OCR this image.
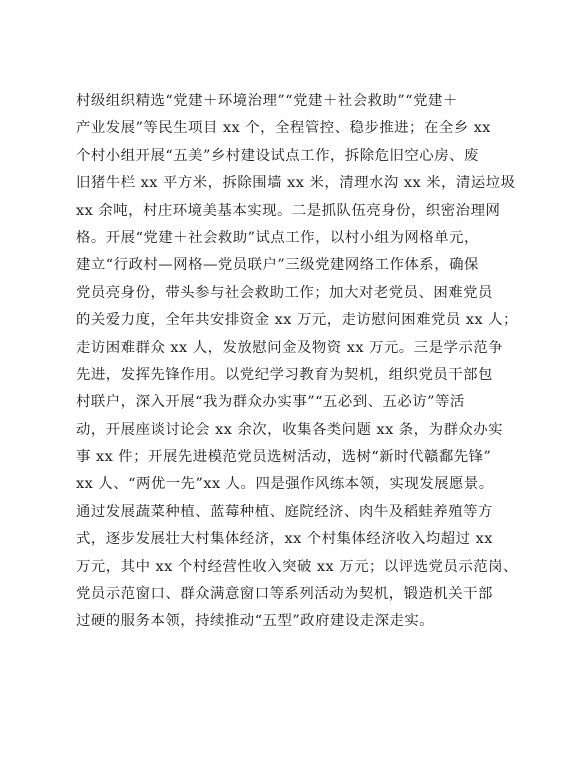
村级组织精选“党建＋环境治理”“党建＋社会救助”“党建＋
产业发展”等民生项目 xx 个，全程管控、稳步推进；在全乡 xx
个村小组开展“五美”乡村建设试点工作，拆除危旧空心房、废
旧猪牛栏 xx 平方米，拆除围墙 xx 米，清理水沟 xx 米，清运垃圾
xx 余吨，村庄环境美基本实现。二是抓队伍亮身份，织密治理网
格。开展“党建＋社会救助”试点工作，以村小组为网格单元，
建立“行政村—网格—党员联户”三级党建网络工作体系，确保
党员亮身份，带头参与社会救助工作；加大对老党员、困难党员
的关爱力度，全年共安排资金 xx 万元，走访慰问困难党员 xx 人；
走访困难群众 xx 人，发放慰问金及物资 xx 万元。三是学示范争
先进，发挥先锋作用。以党纪学习教育为契机，组织党员干部包
村联户，深入开展“我为群众办实事”“五必到、五必访”等活
动，开展座谈讨论会 xx 余次，收集各类问题 xx 条，为群众办实
事 xx 件；开展先进模范党员选树活动，选树“新时代赣鄱先锋”
xx 人、“两优一先”xx 人。四是强作风练本领，实现发展愿景。
通过发展蔬菜种植、蓝莓种植、庭院经济、肉牛及稻蛙养殖等方
式，逐步发展壮大村集体经济，xx 个村集体经济收入均超过 xx
万元，其中 xx 个村经营性收入突破 xx 万元；以评选党员示范岗、
党员示范窗口、群众满意窗口等系列活动为契机，锻造机关干部
过硬的服务本领，持续推动“五型”政府建设走深走实。
